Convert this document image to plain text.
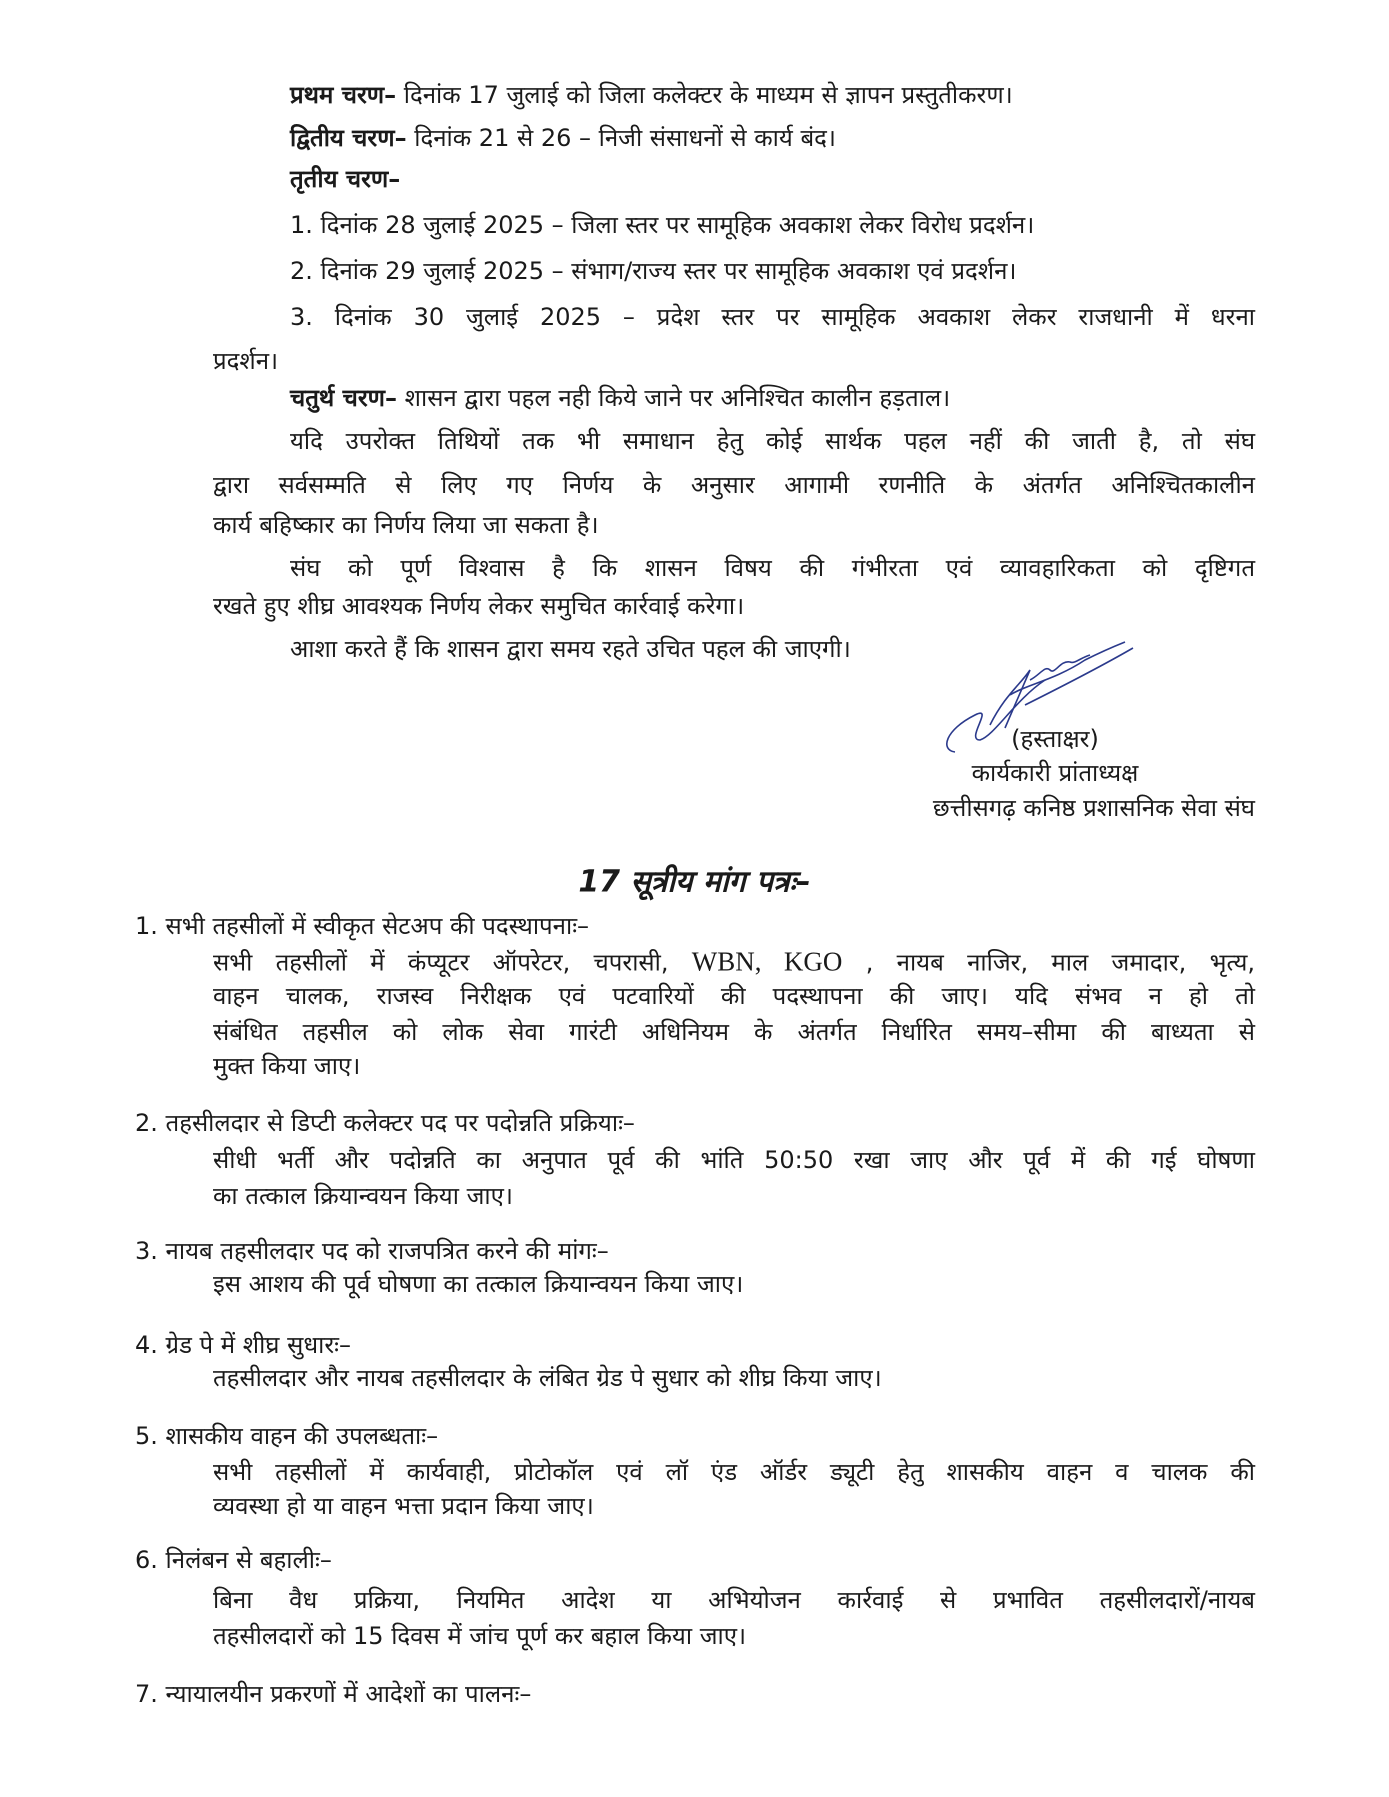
प्रथम चरण– दिनांक 17 जुलाई को जिला कलेक्टर के माध्यम से ज्ञापन प्रस्तुतीकरण।
द्वितीय चरण– दिनांक 21 से 26 – निजी संसाधनों से कार्य बंद।
तृतीय चरण–
1. दिनांक 28 जुलाई 2025 – जिला स्तर पर सामूहिक अवकाश लेकर विरोध प्रदर्शन।
2. दिनांक 29 जुलाई 2025 – संभाग/राज्य स्तर पर सामूहिक अवकाश एवं प्रदर्शन।
3. दिनांक 30 जुलाई 2025 – प्रदेश स्तर पर सामूहिक अवकाश लेकर राजधानी में धरना
प्रदर्शन।
चतुर्थ चरण– शासन द्वारा पहल नही किये जाने पर अनिश्चित कालीन हड़ताल।
यदि उपरोक्त तिथियों तक भी समाधान हेतु कोई सार्थक पहल नहीं की जाती है, तो संघ
द्वारा सर्वसम्मति से लिए गए निर्णय के अनुसार आगामी रणनीति के अंतर्गत अनिश्चितकालीन
कार्य बहिष्कार का निर्णय लिया जा सकता है।
संघ को पूर्ण विश्वास है कि शासन विषय की गंभीरता एवं व्यावहारिकता को दृष्टिगत
रखते हुए शीघ्र आवश्यक निर्णय लेकर समुचित कार्रवाई करेगा।
आशा करते हैं कि शासन द्वारा समय रहते उचित पहल की जाएगी।
(हस्ताक्षर)
कार्यकारी प्रांताध्यक्ष
छत्तीसगढ़ कनिष्ठ प्रशासनिक सेवा संघ
17 सूत्रीय मांग पत्रः–
1. सभी तहसीलों में स्वीकृत सेटअप की पदस्थापनाः–
सभी तहसीलों में कंप्यूटर ऑपरेटर, चपरासी, WBN, KGO , नायब नाजिर, माल जमादार, भृत्य,
वाहन चालक, राजस्व निरीक्षक एवं पटवारियों की पदस्थापना की जाए। यदि संभव न हो तो
संबंधित तहसील को लोक सेवा गारंटी अधिनियम के अंतर्गत निर्धारित समय–सीमा की बाध्यता से
मुक्त किया जाए।
2. तहसीलदार से डिप्टी कलेक्टर पद पर पदोन्नति प्रक्रियाः–
सीधी भर्ती और पदोन्नति का अनुपात पूर्व की भांति 50:50 रखा जाए और पूर्व में की गई घोषणा
का तत्काल क्रियान्वयन किया जाए।
3. नायब तहसीलदार पद को राजपत्रित करने की मांगः–
इस आशय की पूर्व घोषणा का तत्काल क्रियान्वयन किया जाए।
4. ग्रेड पे में शीघ्र सुधारः–
तहसीलदार और नायब तहसीलदार के लंबित ग्रेड पे सुधार को शीघ्र किया जाए।
5. शासकीय वाहन की उपलब्धताः–
सभी तहसीलों में कार्यवाही, प्रोटोकॉल एवं लॉ एंड ऑर्डर ड्यूटी हेतु शासकीय वाहन व चालक की
व्यवस्था हो या वाहन भत्ता प्रदान किया जाए।
6. निलंबन से बहालीः–
बिना वैध प्रक्रिया, नियमित आदेश या अभियोजन कार्रवाई से प्रभावित तहसीलदारों/नायब
तहसीलदारों को 15 दिवस में जांच पूर्ण कर बहाल किया जाए।
7. न्यायालयीन प्रकरणों में आदेशों का पालनः–
